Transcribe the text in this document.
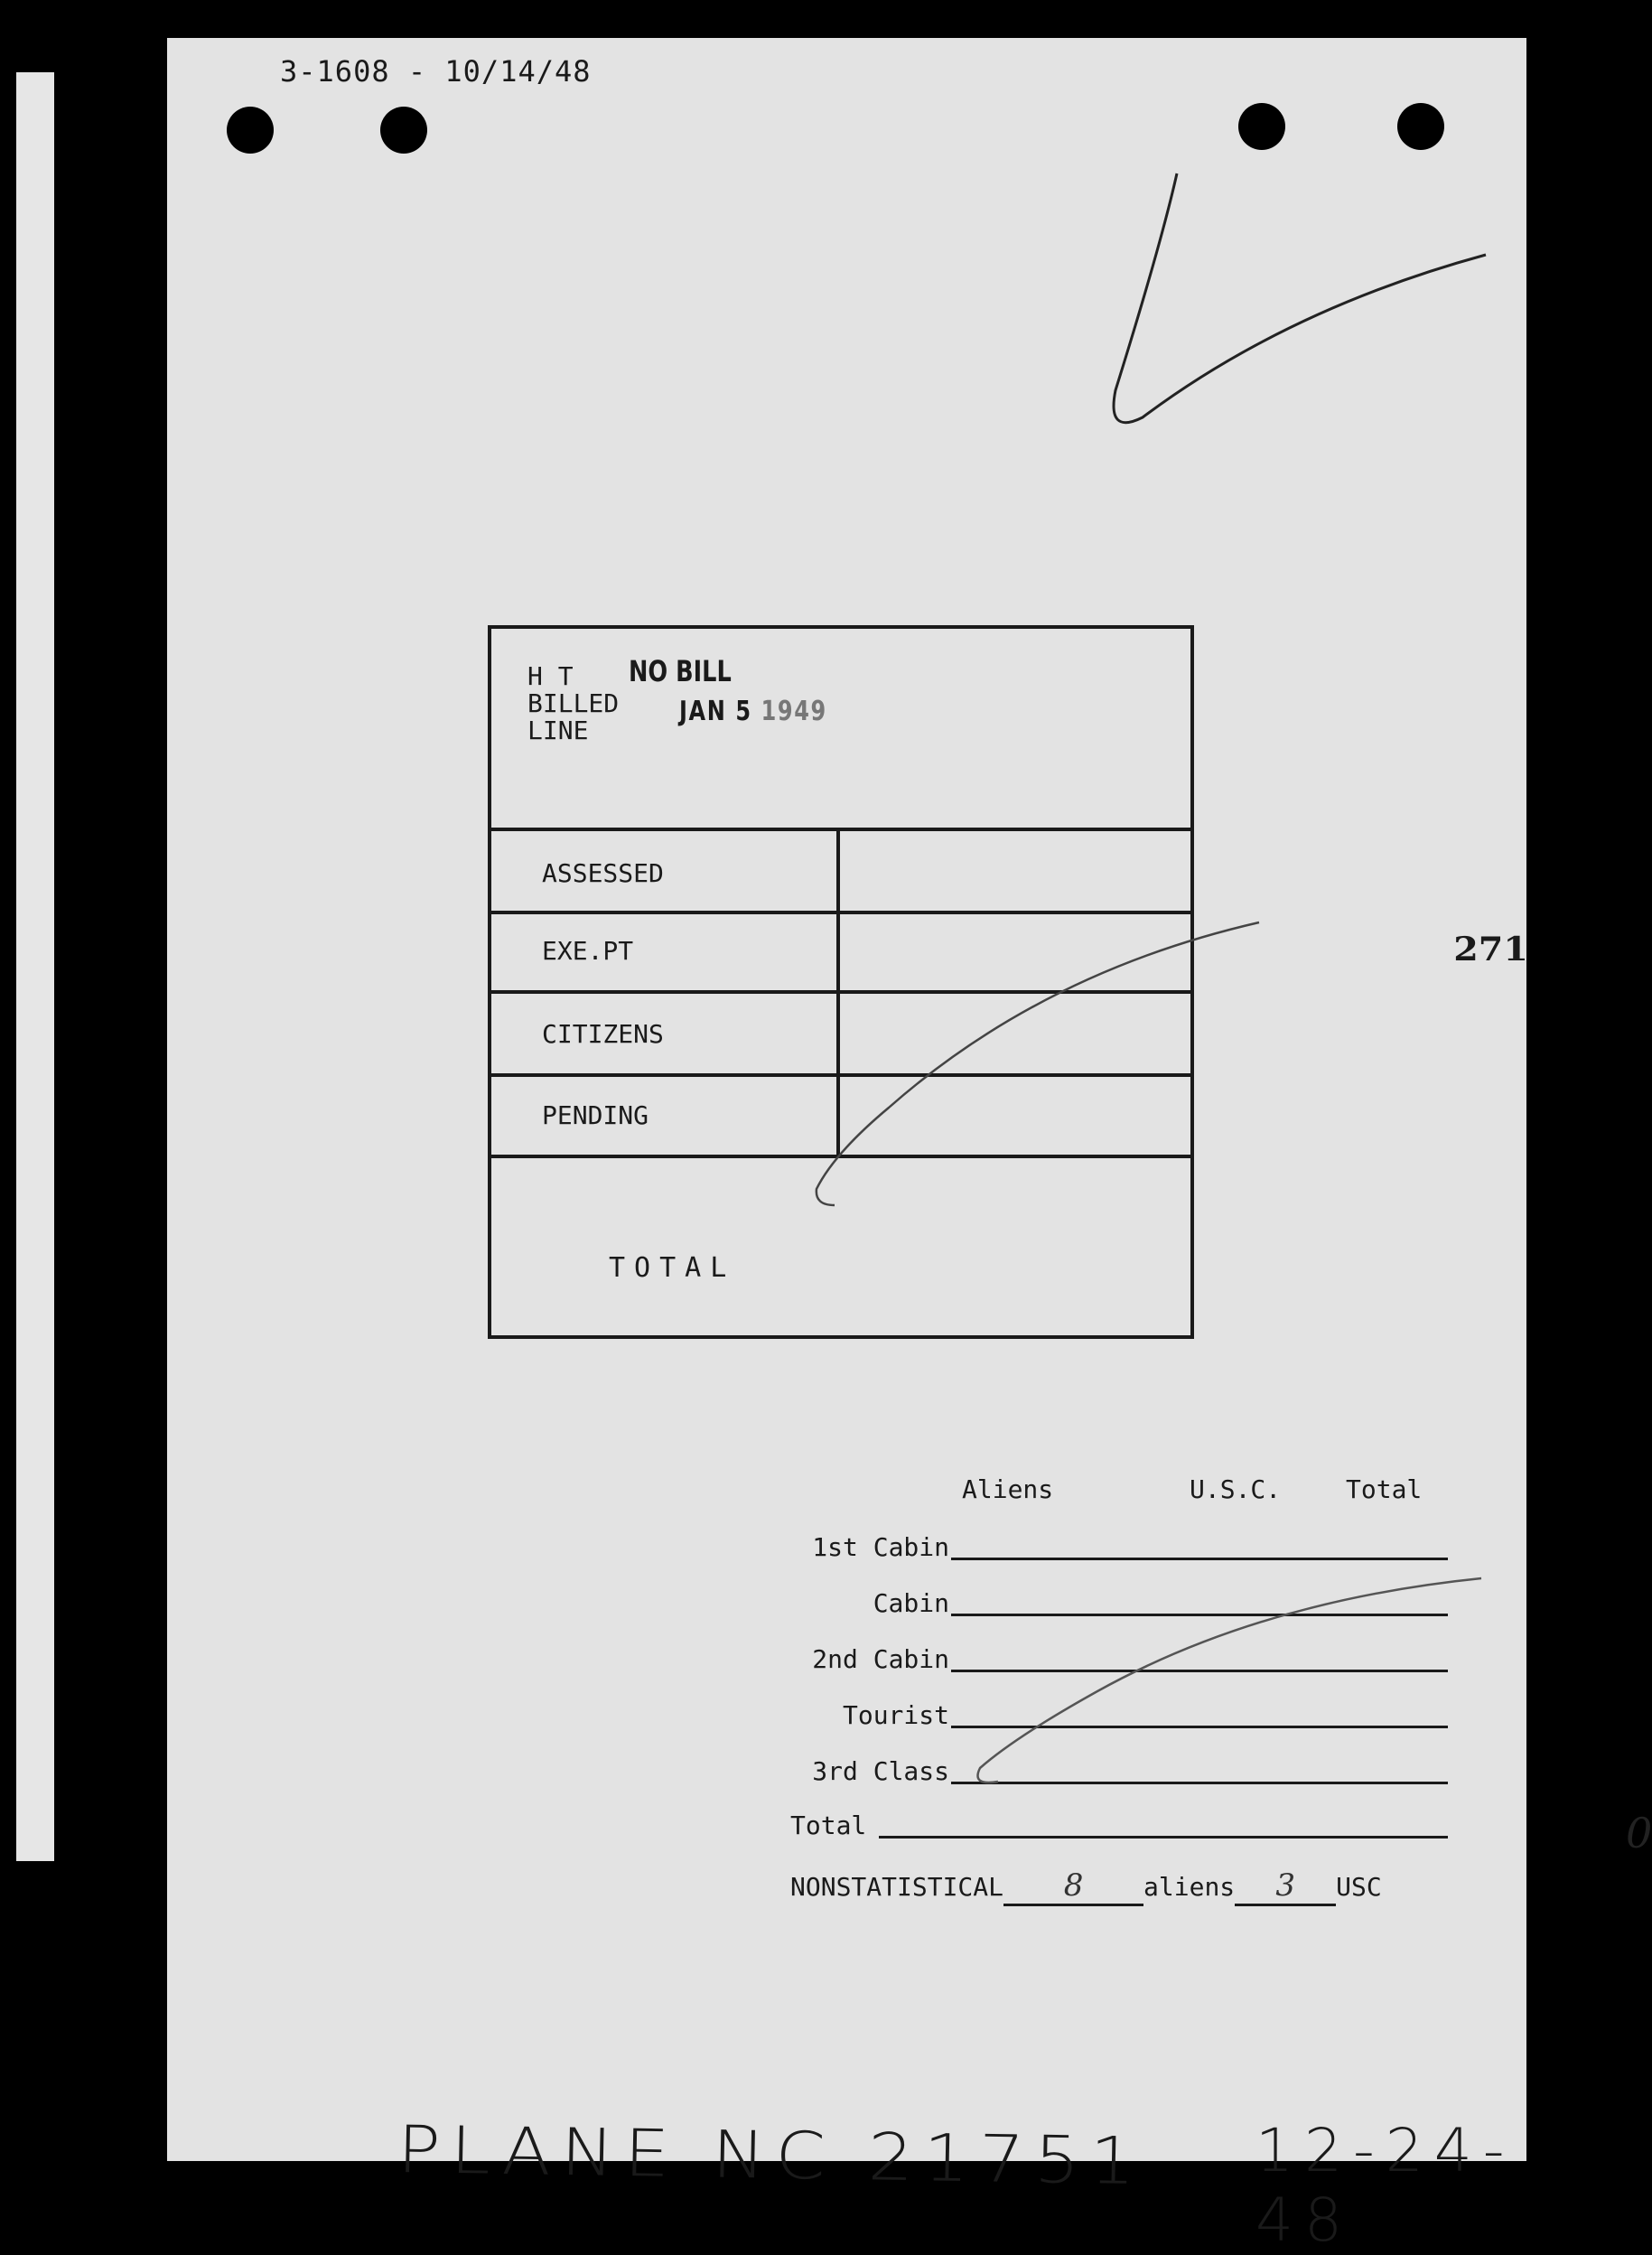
3-1608 - 10/14/48
H T
BILLED
LINE
NO BILL
JAN 5 1949
ASSESSED
EXE.PT
CITIZENS
PENDING
TOTAL
271
Aliens	U.S.C.	Total
1st Cabin
Cabin
2nd Cabin
Tourist
3rd Class
Total
NONSTATISTICAL 8 aliens 3 USC
0
PLANE NC 21751 12-24-48
